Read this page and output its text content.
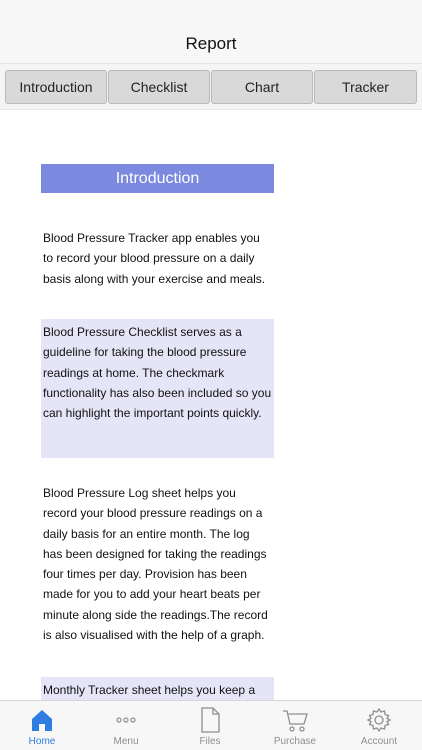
Report
Introduction	Checklist	Chart	Tracker
Introduction
Blood Pressure Tracker app enables you to record your blood pressure on a daily basis along with your exercise and meals.
Blood Pressure Checklist serves as a guideline for taking the blood pressure readings at home. The checkmark functionality has also been included so you can highlight the important points quickly.
Blood Pressure Log sheet helps you record your blood pressure readings on a daily basis for an entire month. The log has been designed for taking the readings four times per day. Provision has been made for you to add your heart beats per minute along side the readings.The record is also visualised with the help of a graph.
Monthly Tracker sheet helps you keep a
Home	Menu	Files	Purchase	Account
